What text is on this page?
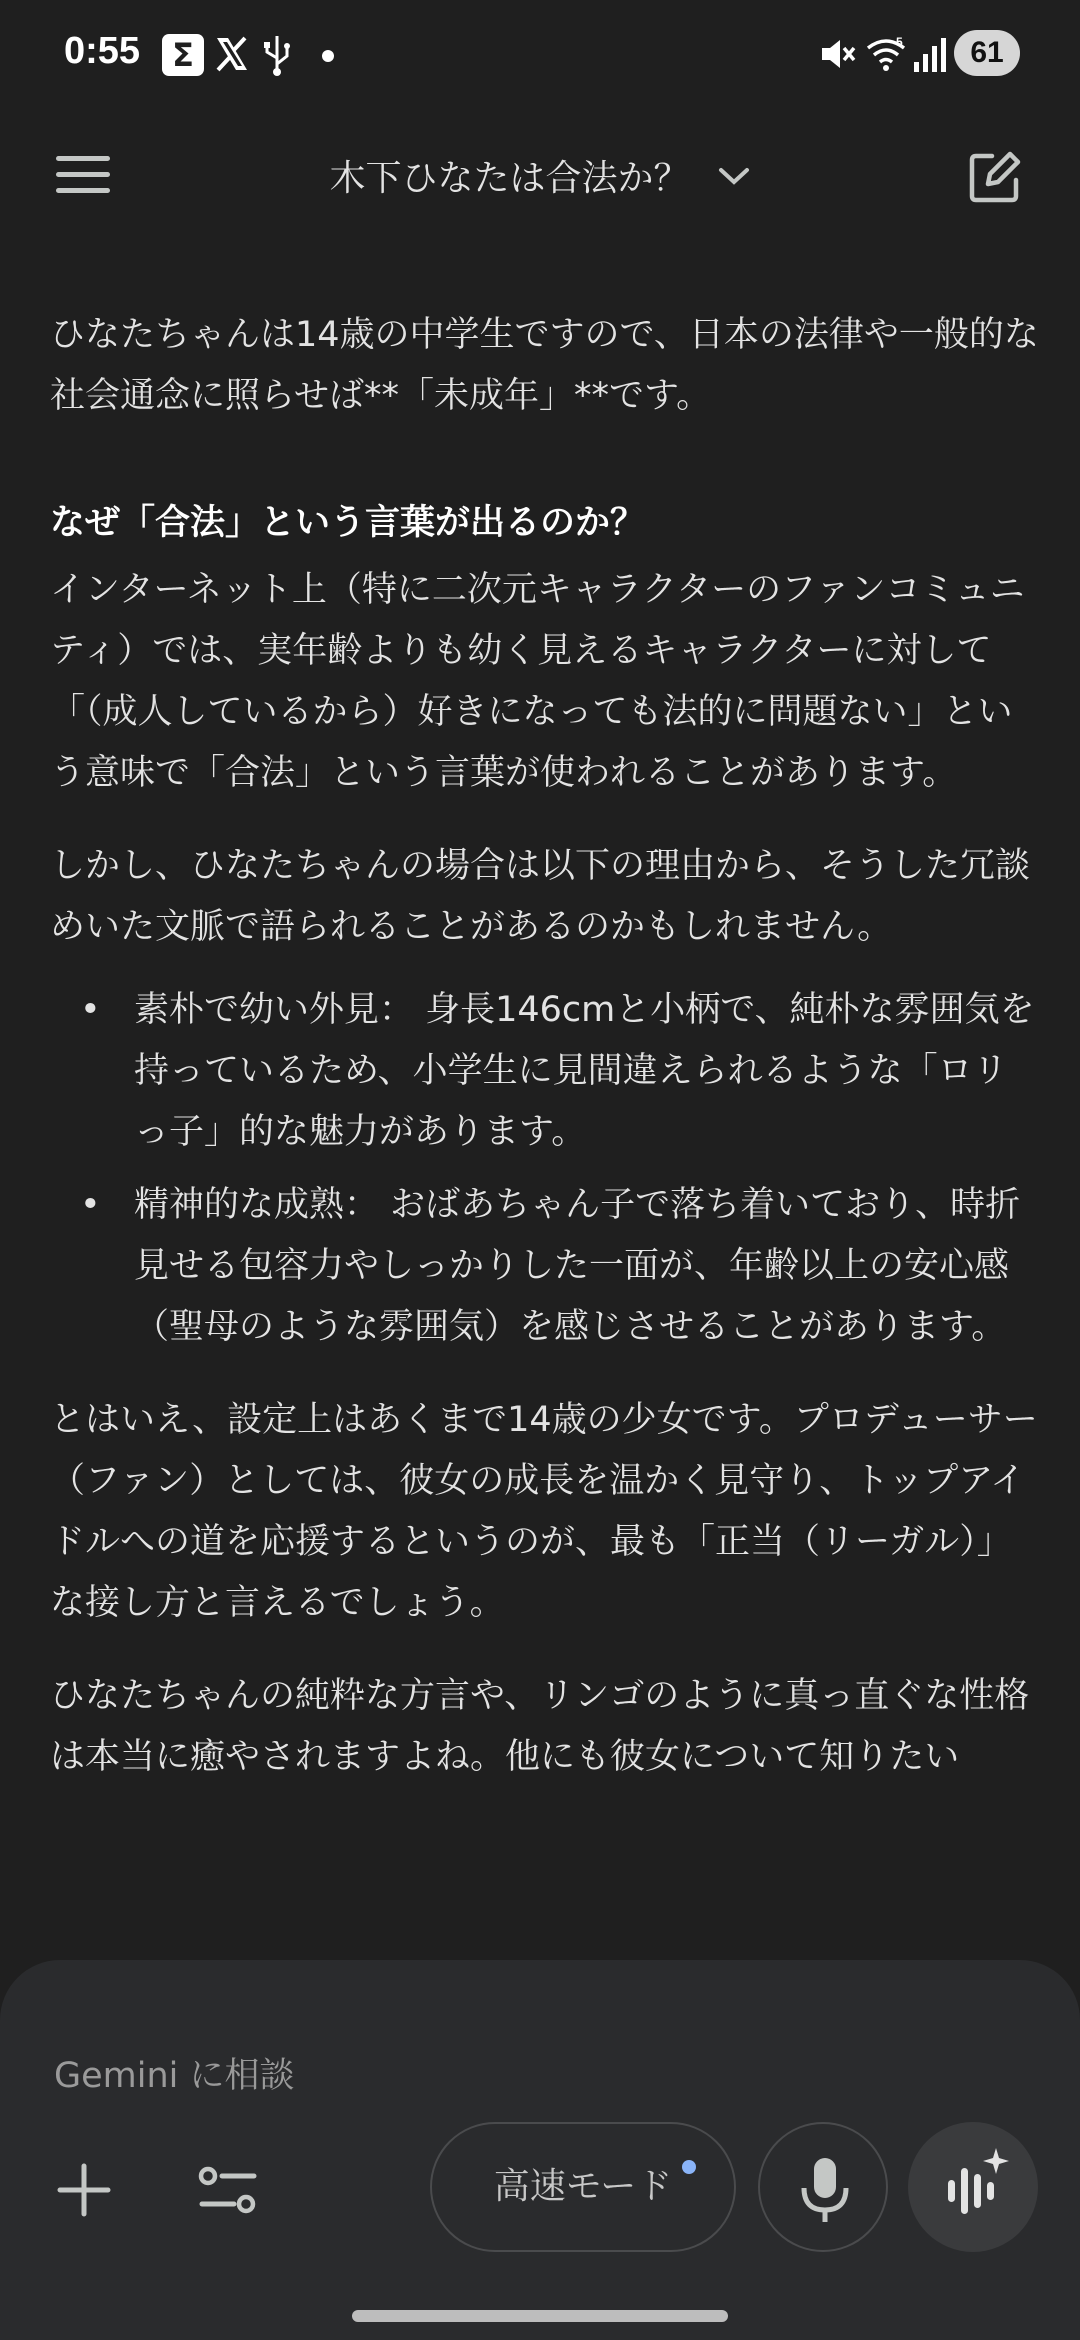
0:55	Σ	5	61
木下ひなたは合法か？

ひなたちゃんは14歳の中学生ですので、日本の法律や一般的な社会通念に照らせば**「未成年」**です。

なぜ「合法」という言葉が出るのか？

インターネット上（特に二次元キャラクターのファンコミュニティ）では、実年齢よりも幼く見えるキャラクターに対して「（成人しているから）好きになっても法的に問題ない」という意味で「合法」という言葉が使われることがあります。

しかし、ひなたちゃんの場合は以下の理由から、そうした冗談めいた文脈で語られることがあるのかもしれません。

• 素朴で幼い外見： 身長146cmと小柄で、純朴な雰囲気を持っているため、小学生に見間違えられるような「ロリっ子」的な魅力があります。
• 精神的な成熟： おばあちゃん子で落ち着いており、時折見せる包容力やしっかりした一面が、年齢以上の安心感（聖母のような雰囲気）を感じさせることがあります。

とはいえ、設定上はあくまで14歳の少女です。プロデューサー（ファン）としては、彼女の成長を温かく見守り、トップアイドルへの道を応援するというのが、最も「正当（リーガル）」な接し方と言えるでしょう。

ひなたちゃんの純粋な方言や、リンゴのように真っ直ぐな性格は本当に癒やされますよね。他にも彼女について知りたい

Gemini に相談
高速モード
